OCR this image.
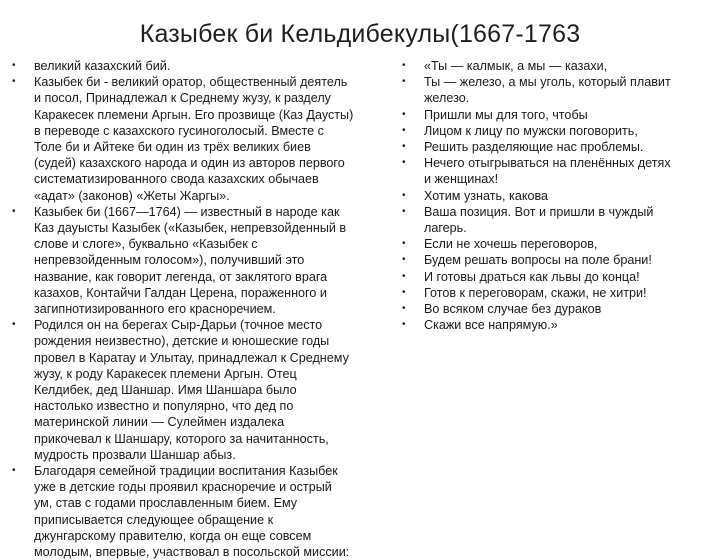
Казыбек би Кельдибекулы(1667-1763
•	великий казахский бий.
•	Казыбек би - великий оратор, общественный деятель
и посол, Принадлежал к Среднему жузу, к разделу
Каракесек племени Аргын. Его прозвище (Каз Даусты)
в переводе с казахского гусиноголосый. Вместе с
Толе би и Айтеке би один из трёх великих биев
(судей) казахского народа и один из авторов первого
систематизированного свода казахских обычаев
«адат» (законов) «Жеты Жаргы».
•	Казыбек би (1667—1764) — известный в народе как
Каз дауысты Казыбек («Казыбек, непревзойденный в
слове и слоге», буквально «Казыбек с
непревзойденным голосом»), получивший это
название, как говорит легенда, от заклятого врага
казахов, Контайчи Галдан Церена, пораженного и
загипнотизированного его красноречием.
•	Родился он на берегах Сыр-Дарьи (точное место
рождения неизвестно), детские и юношеские годы
провел в Каратау и Улытау, принадлежал к Среднему
жузу, к роду Каракесек племени Аргын. Отец
Келдибек, дед Шаншар. Имя Шаншара было
настолько известно и популярно, что дед по
материнской линии — Сулеймен издалека
прикочевал к Шаншару, которого за начитанность,
мудрость прозвали Шаншар абыз.
•	Благодаря семейной традиции воспитания Казыбек
уже в детские годы проявил красноречие и острый
ум, став с годами прославленным бием. Ему
приписывается следующее обращение к
джунгарскому правителю, когда он еще совсем
молодым, впервые, участвовал в посольской миссии:
•	«Ты — калмык, а мы — казахи,
•	Ты — железо, а мы уголь, который плавит
железо.
•	Пришли мы для того, чтобы
•	Лицом к лицу по мужски поговорить,
•	Решить разделяющие нас проблемы.
•	Нечего отыгрываться на пленённых детях
и женщинах!
•	Хотим узнать, какова
•	Ваша позиция. Вот и пришли в чуждый
лагерь.
•	Если не хочешь переговоров,
•	Будем решать вопросы на поле брани!
•	И готовы драться как львы до конца!
•	Готов к переговорам, скажи, не хитри!
•	Во всяком случае без дураков
•	Скажи все напрямую.»
